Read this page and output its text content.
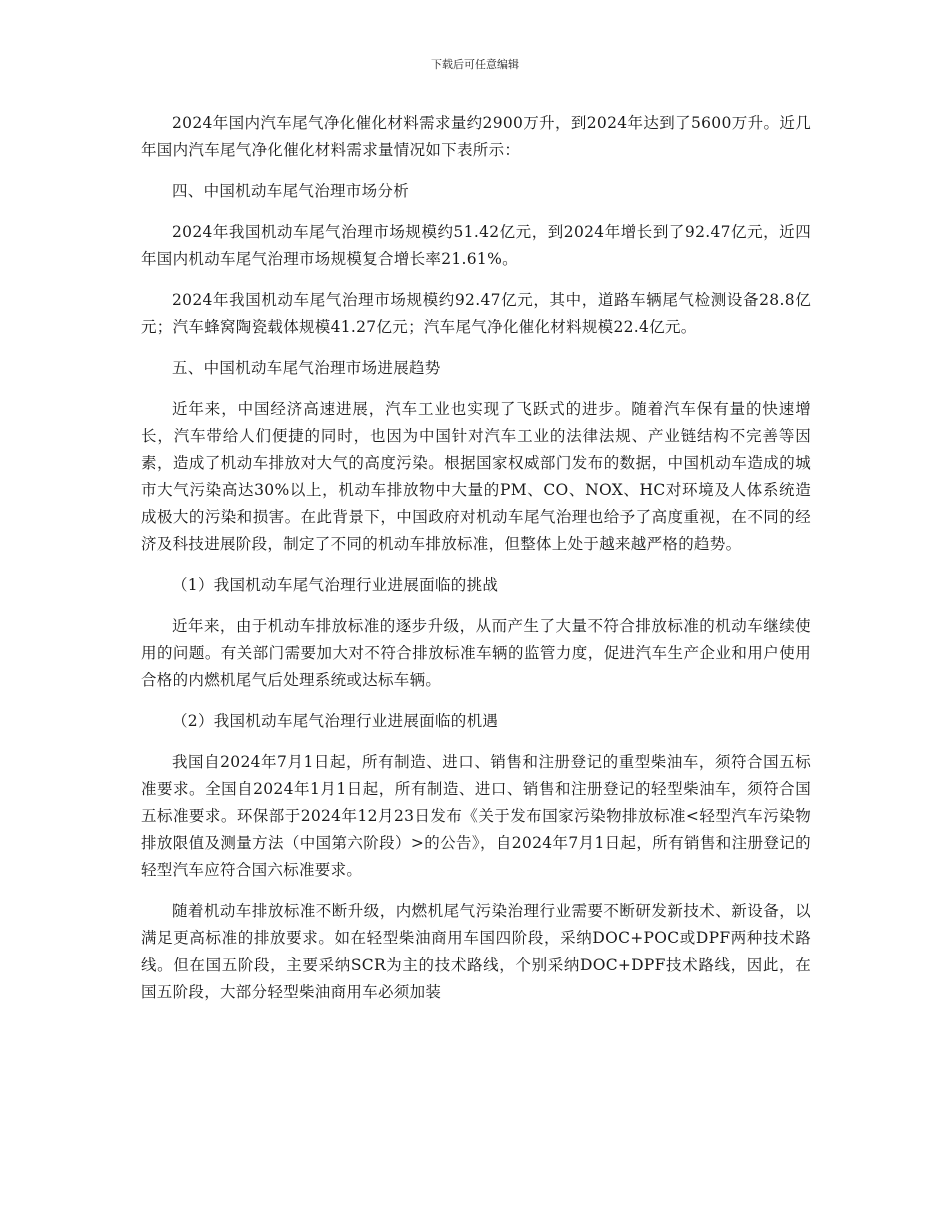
下载后可任意编辑

2024年国内汽车尾气净化催化材料需求量约2900万升，到2024年达到了5600万升。近几年国内汽车尾气净化催化材料需求量情况如下表所示：

四、中国机动车尾气治理市场分析

2024年我国机动车尾气治理市场规模约51.42亿元，到2024年增长到了92.47亿元，近四年国内机动车尾气治理市场规模复合增长率21.61%。

2024年我国机动车尾气治理市场规模约92.47亿元，其中，道路车辆尾气检测设备28.8亿元；汽车蜂窝陶瓷载体规模41.27亿元；汽车尾气净化催化材料规模22.4亿元。

五、中国机动车尾气治理市场进展趋势

近年来，中国经济高速进展，汽车工业也实现了飞跃式的进步。随着汽车保有量的快速增长，汽车带给人们便捷的同时，也因为中国针对汽车工业的法律法规、产业链结构不完善等因素，造成了机动车排放对大气的高度污染。根据国家权威部门发布的数据，中国机动车造成的城市大气污染高达30%以上，机动车排放物中大量的PM、CO、NOX、HC对环境及人体系统造成极大的污染和损害。在此背景下，中国政府对机动车尾气治理也给予了高度重视，在不同的经济及科技进展阶段，制定了不同的机动车排放标准，但整体上处于越来越严格的趋势。

（1）我国机动车尾气治理行业进展面临的挑战

近年来，由于机动车排放标准的逐步升级，从而产生了大量不符合排放标准的机动车继续使用的问题。有关部门需要加大对不符合排放标准车辆的监管力度，促进汽车生产企业和用户使用合格的内燃机尾气后处理系统或达标车辆。

（2）我国机动车尾气治理行业进展面临的机遇

我国自2024年7月1日起，所有制造、进口、销售和注册登记的重型柴油车，须符合国五标准要求。全国自2024年1月1日起，所有制造、进口、销售和注册登记的轻型柴油车，须符合国五标准要求。环保部于2024年12月23日发布《关于发布国家污染物排放标准<轻型汽车污染物排放限值及测量方法（中国第六阶段）>的公告》，自2024年7月1日起，所有销售和注册登记的轻型汽车应符合国六标准要求。

随着机动车排放标准不断升级，内燃机尾气污染治理行业需要不断研发新技术、新设备，以满足更高标准的排放要求。如在轻型柴油商用车国四阶段，采纳DOC+POC或DPF两种技术路线。但在国五阶段，主要采纳SCR为主的技术路线，个别采纳DOC+DPF技术路线，因此，在国五阶段，大部分轻型柴油商用车必须加装
